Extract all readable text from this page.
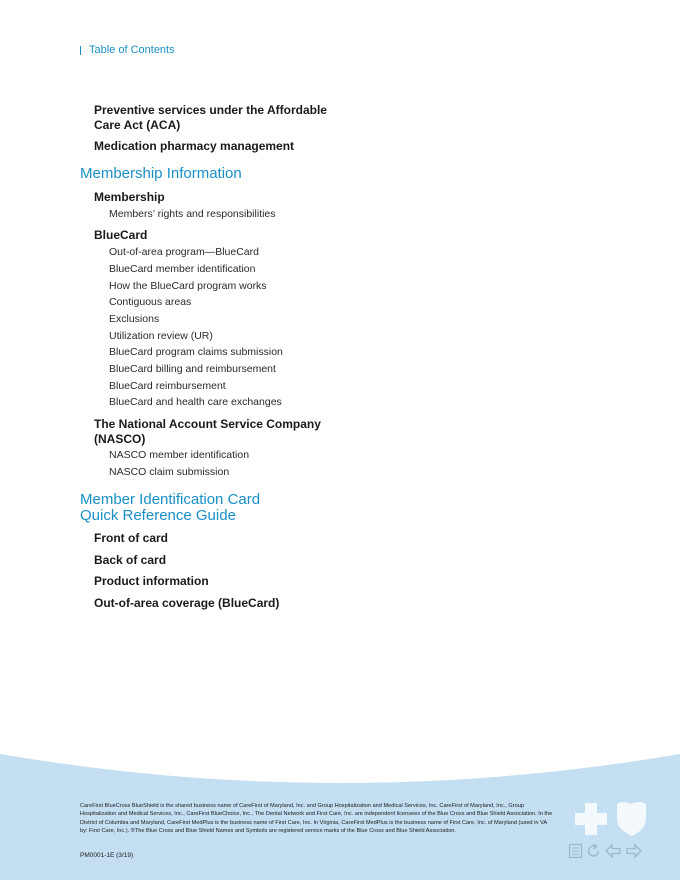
Table of Contents
Preventive services under the Affordable Care Act (ACA)
Medication pharmacy management
Membership Information
Membership
Members’ rights and responsibilities
BlueCard
Out-of-area program—BlueCard
BlueCard member identification
How the BlueCard program works
Contiguous areas
Exclusions
Utilization review (UR)
BlueCard program claims submission
BlueCard billing and reimbursement
BlueCard reimbursement
BlueCard and health care exchanges
The National Account Service Company (NASCO)
NASCO member identification
NASCO claim submission
Member Identification Card Quick Reference Guide
Front of card
Back of card
Product information
Out-of-area coverage (BlueCard)
CareFirst BlueCross BlueShield is the shared business name of CareFirst of Maryland, Inc. and Group Hospitalization and Medical Services, Inc. CareFirst of Maryland, Inc., Group Hospitalization and Medical Services, Inc., CareFirst BlueChoice, Inc., The Dental Network and First Care, Inc. are independent licensees of the Blue Cross and Blue Shield Association. In the District of Columbia and Maryland, CareFirst MedPlus is the business name of First Care, Inc. In Virginia, CareFirst MedPlus is the business name of First Care, Inc. of Maryland (used in VA by: First Care, Inc.). ®The Blue Cross and Blue Shield Names and Symbols are registered service marks of the Blue Cross and Blue Shield Association.
PM0001-1E (3/19)
